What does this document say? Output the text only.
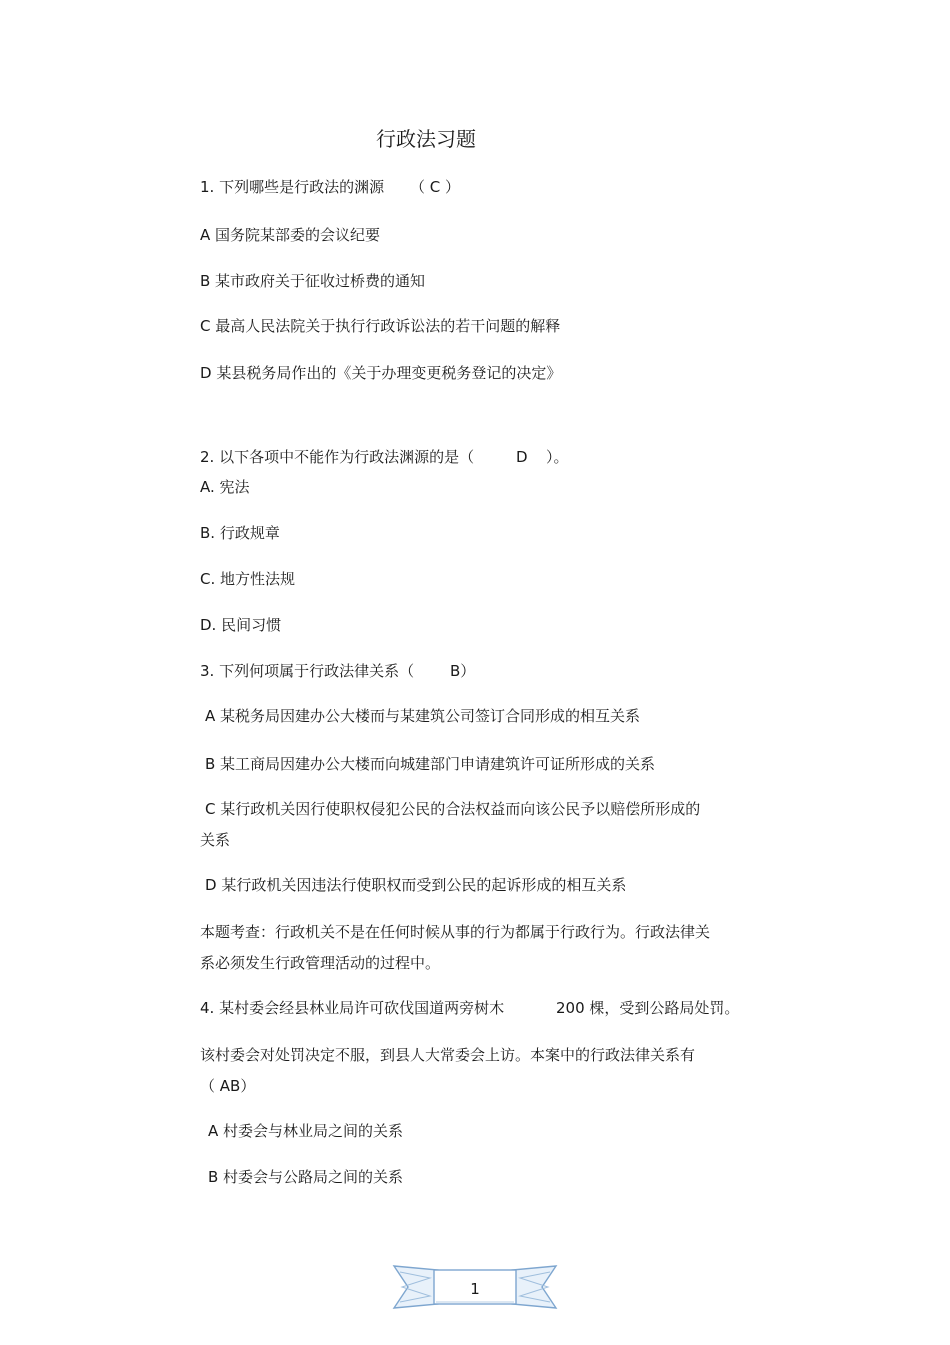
行政法习题
1. 下列哪些是行政法的渊源 （ C ）
A 国务院某部委的会议纪要
B 某市政府关于征收过桥费的通知
C 最高人民法院关于执行行政诉讼法的若干问题的解释
D 某县税务局作出的《关于办理变更税务登记的决定》
2. 以下各项中不能作为行政法渊源的是（	D ）。
A. 宪法
B. 行政规章
C. 地方性法规
D. 民间习惯
3. 下列何项属于行政法律关系（ B）
A 某税务局因建办公大楼而与某建筑公司签订合同形成的相互关系
B 某工商局因建办公大楼而向城建部门申请建筑许可证所形成的关系
C 某行政机关因行使职权侵犯公民的合法权益而向该公民予以赔偿所形成的
关系
D 某行政机关因违法行使职权而受到公民的起诉形成的相互关系
本题考查：行政机关不是在任何时候从事的行为都属于行政行为。行政法律关
系必须发生行政管理活动的过程中。
4. 某村委会经县林业局许可砍伐国道两旁树木	200 棵，受到公路局处罚。
该村委会对处罚决定不服，到县人大常委会上访。本案中的行政法律关系有
（ AB）
A 村委会与林业局之间的关系
B 村委会与公路局之间的关系
1
